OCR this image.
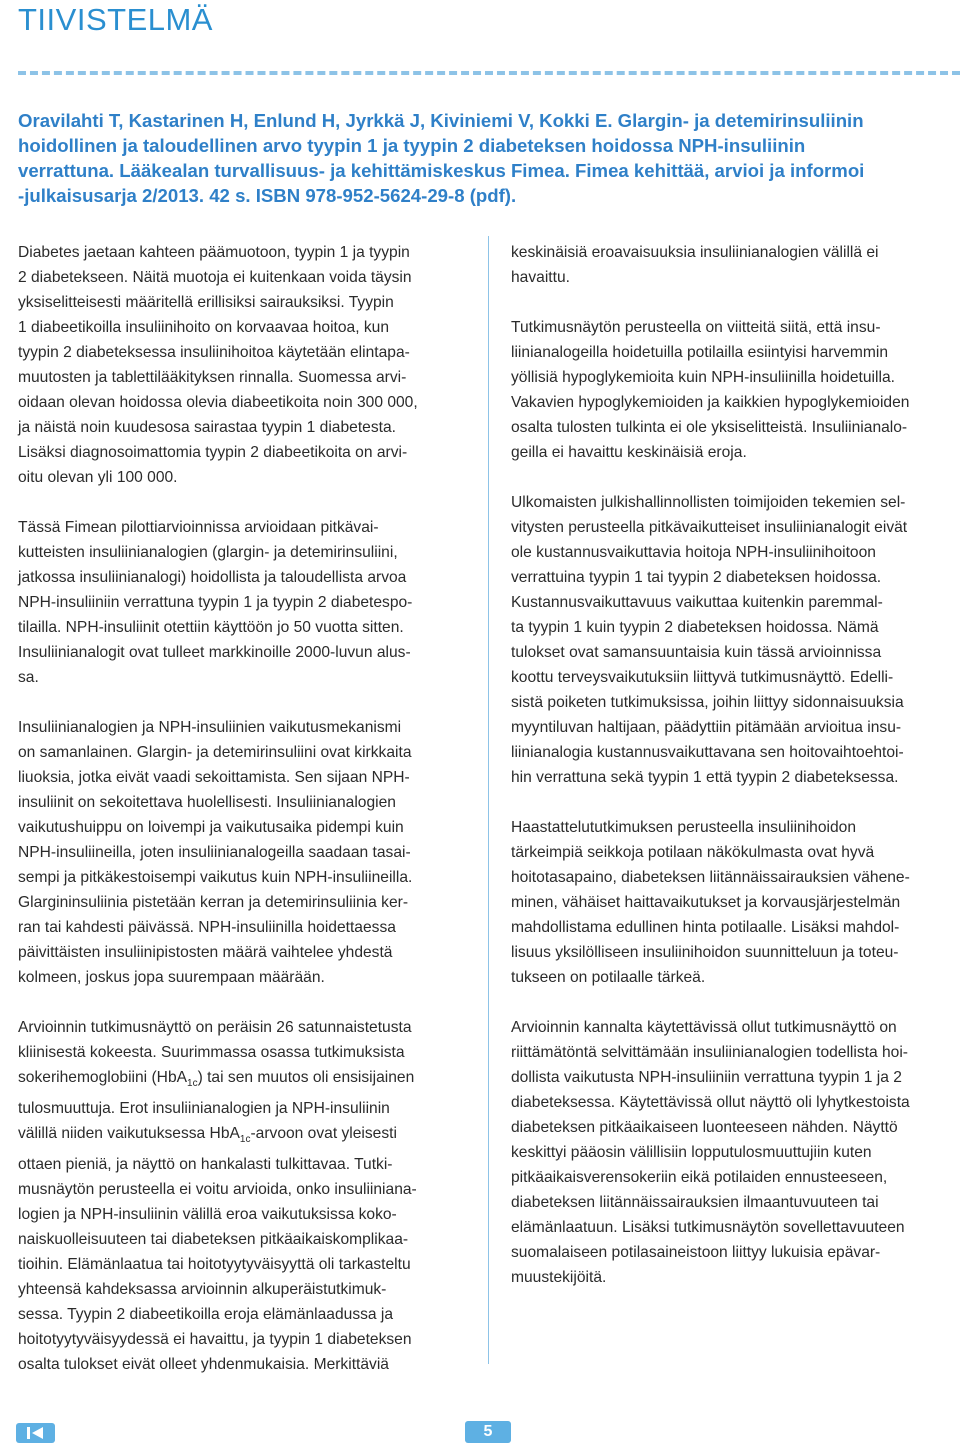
TIIVISTELMÄ

Oravilahti T, Kastarinen H, Enlund H, Jyrkkä J, Kiviniemi V, Kokki E. Glargin- ja detemirinsuliinin
hoidollinen ja taloudellinen arvo tyypin 1 ja tyypin 2 diabeteksen hoidossa NPH-insuliinin
verrattuna. Lääkealan turvallisuus- ja kehittämiskeskus Fimea. Fimea kehittää, arvioi ja informoi
-julkaisusarja 2/2013. 42 s. ISBN 978-952-5624-29-8 (pdf).

Diabetes jaetaan kahteen päämuotoon, tyypin 1 ja tyypin
2 diabetekseen. Näitä muotoja ei kuitenkaan voida täysin
yksiselitteisesti määritellä erillisiksi sairauksiksi. Tyypin
1 diabeetikoilla insuliinihoito on korvaavaa hoitoa, kun
tyypin 2 diabeteksessa insuliinihoitoa käytetään elintapa-
muutosten ja tablettilääkityksen rinnalla. Suomessa arvi-
oidaan olevan hoidossa olevia diabeetikoita noin 300 000,
ja näistä noin kuudesosa sairastaa tyypin 1 diabetesta.
Lisäksi diagnosoimattomia tyypin 2 diabeetikoita on arvi-
oitu olevan yli 100 000.

Tässä Fimean pilottiarvioinnissa arvioidaan pitkävai-
kutteisten insuliinianalogien (glargin- ja detemirinsuliini,
jatkossa insuliinianalogi) hoidollista ja taloudellista arvoa
NPH-insuliiniin verrattuna tyypin 1 ja tyypin 2 diabetespo-
tilailla. NPH-insuliinit otettiin käyttöön jo 50 vuotta sitten.
Insuliinianalogit ovat tulleet markkinoille 2000-luvun alus-
sa.

Insuliinianalogien ja NPH-insuliinien vaikutusmekanismi
on samanlainen. Glargin- ja detemirinsuliini ovat kirkkaita
liuoksia, jotka eivät vaadi sekoittamista. Sen sijaan NPH-
insuliinit on sekoitettava huolellisesti. Insuliinianalogien
vaikutushuippu on loivempi ja vaikutusaika pidempi kuin
NPH-insuliineilla, joten insuliinianalogeilla saadaan tasai-
sempi ja pitkäkestoisempi vaikutus kuin NPH-insuliineilla.
Glargininsuliinia pistetään kerran ja detemirinsuliinia ker-
ran tai kahdesti päivässä. NPH-insuliinilla hoidettaessa
päivittäisten insuliinipistosten määrä vaihtelee yhdestä
kolmeen, joskus jopa suurempaan määrään.

Arvioinnin tutkimusnäyttö on peräisin 26 satunnaistetusta
kliinisestä kokeesta. Suurimmassa osassa tutkimuksista
sokerihemoglobiini (HbA$_{1c}$) tai sen muutos oli ensisijainen
tulosmuuttuja. Erot insuliinianalogien ja NPH-insuliinin
välillä niiden vaikutuksessa HbA$_{1c}$-arvoon ovat yleisesti
ottaen pieniä, ja näyttö on hankalasti tulkittavaa. Tutki-
musnäytön perusteella ei voitu arvioida, onko insuliiniana-
logien ja NPH-insuliinin välillä eroa vaikutuksissa koko-
naiskuolleisuuteen tai diabeteksen pitkäaikaiskomplikaa-
tioihin. Elämänlaatua tai hoitotyytyväisyyttä oli tarkasteltu
yhteensä kahdeksassa arvioinnin alkuperäistutkimuk-
sessa. Tyypin 2 diabeetikoilla eroja elämänlaadussa ja
hoitotyytyväisyydessä ei havaittu, ja tyypin 1 diabeteksen
osalta tulokset eivät olleet yhdenmukaisia. Merkittäviä

keskinäisiä eroavaisuuksia insuliinianalogien välillä ei
havaittu.

Tutkimusnäytön perusteella on viitteitä siitä, että insu-
liinianalogeilla hoidetuilla potilailla esiintyisi harvemmin
yöllisiä hypoglykemioita kuin NPH-insuliinilla hoidetuilla.
Vakavien hypoglykemioiden ja kaikkien hypoglykemioiden
osalta tulosten tulkinta ei ole yksiselitteistä. Insuliinianalo-
geilla ei havaittu keskinäisiä eroja.

Ulkomaisten julkishallinnollisten toimijoiden tekemien sel-
vitysten perusteella pitkävaikutteiset insuliinianalogit eivät
ole kustannusvaikuttavia hoitoja NPH-insuliinihoitoon
verrattuina tyypin 1 tai tyypin 2 diabeteksen hoidossa.
Kustannusvaikuttavuus vaikuttaa kuitenkin paremmal-
ta tyypin 1 kuin tyypin 2 diabeteksen hoidossa. Nämä
tulokset ovat samansuuntaisia kuin tässä arvioinnissa
koottu terveysvaikutuksiin liittyvä tutkimusnäyttö. Edelli-
sistä poiketen tutkimuksissa, joihin liittyy sidonnaisuuksia
myyntiluvan haltijaan, päädyttiin pitämään arvioitua insu-
liinianalogia kustannusvaikuttavana sen hoitovaihtoehtoi-
hin verrattuna sekä tyypin 1 että tyypin 2 diabeteksessa.

Haastattelututkimuksen perusteella insuliinihoidon
tärkeimpiä seikkoja potilaan näkökulmasta ovat hyvä
hoitotasapaino, diabeteksen liitännäissairauksien vähene-
minen, vähäiset haittavaikutukset ja korvausjärjestelmän
mahdollistama edullinen hinta potilaalle. Lisäksi mahdol-
lisuus yksilölliseen insuliinihoidon suunnitteluun ja toteu-
tukseen on potilaalle tärkeä.

Arvioinnin kannalta käytettävissä ollut tutkimusnäyttö on
riittämätöntä selvittämään insuliinianalogien todellista hoi-
dollista vaikutusta NPH-insuliiniin verrattuna tyypin 1 ja 2
diabeteksessa. Käytettävissä ollut näyttö oli lyhytkestoista
diabeteksen pitkäaikaiseen luonteeseen nähden. Näyttö
keskittyi pääosin välillisiin lopputulosmuuttujiin kuten
pitkäaikaisverensokeriin eikä potilaiden ennusteeseen,
diabeteksen liitännäissairauksien ilmaantuvuuteen tai
elämänlaatuun. Lisäksi tutkimusnäytön sovellettavuuteen
suomalaiseen potilasaineistoon liittyy lukuisia epävar-
muustekijöitä.

5
